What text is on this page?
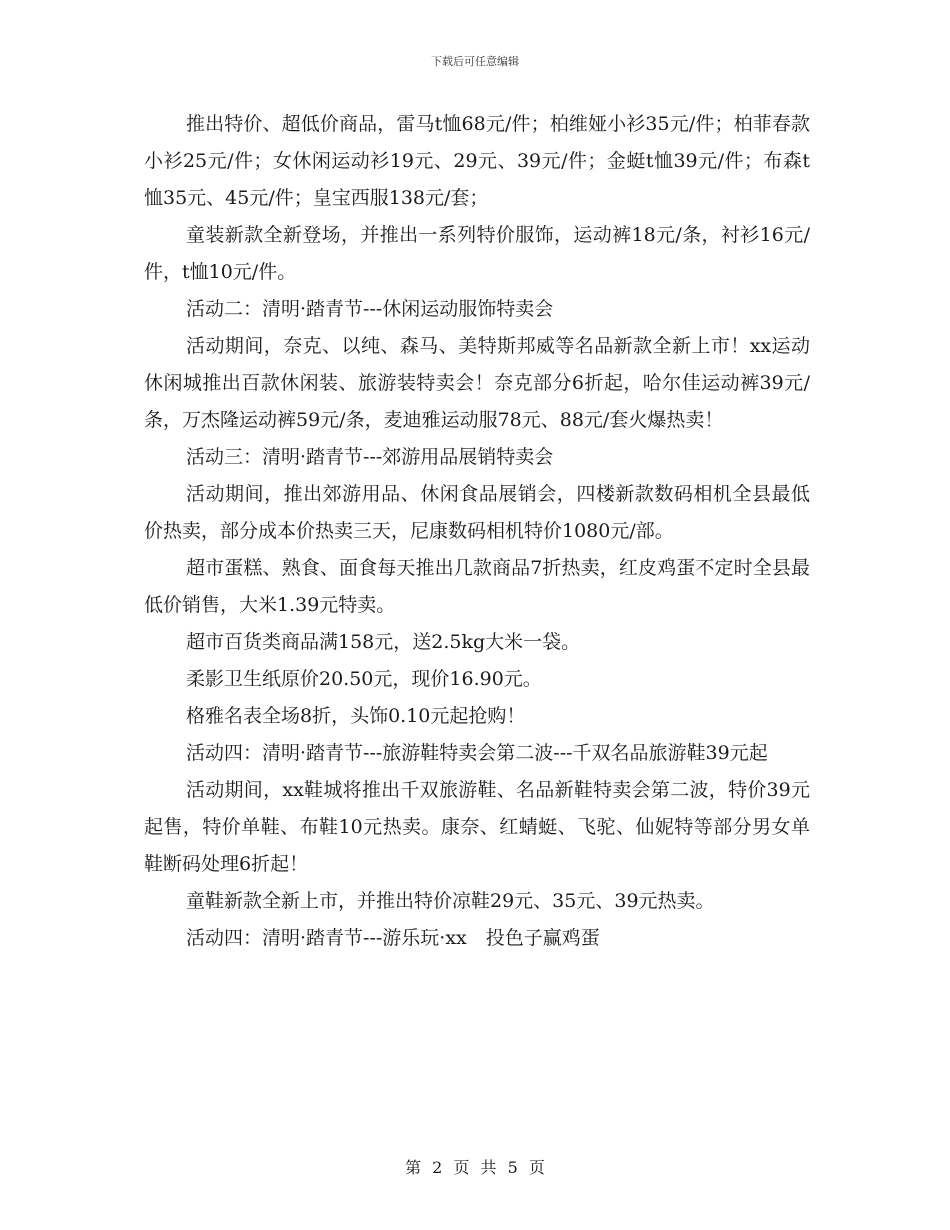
下载后可任意编辑

推出特价、超低价商品，雷马t恤68元/件；柏维娅小衫35元/件；柏菲春款小衫25元/件；女休闲运动衫19元、29元、39元/件；金蜓t恤39元/件；布森t恤35元、45元/件；皇宝西服138元/套；

童装新款全新登场，并推出一系列特价服饰，运动裤18元/条，衬衫16元/件，t恤10元/件。

活动二：清明·踏青节---休闲运动服饰特卖会

活动期间，奈克、以纯、森马、美特斯邦威等名品新款全新上市！xx运动休闲城推出百款休闲装、旅游装特卖会！奈克部分6折起，哈尔佳运动裤39元/条，万杰隆运动裤59元/条，麦迪雅运动服78元、88元/套火爆热卖！

活动三：清明·踏青节---郊游用品展销特卖会

活动期间，推出郊游用品、休闲食品展销会，四楼新款数码相机全县最低价热卖，部分成本价热卖三天，尼康数码相机特价1080元/部。

超市蛋糕、熟食、面食每天推出几款商品7折热卖，红皮鸡蛋不定时全县最低价销售，大米1.39元特卖。

超市百货类商品满158元，送2.5kg大米一袋。

柔影卫生纸原价20.50元，现价16.90元。

格雅名表全场8折，头饰0.10元起抢购！

活动四：清明·踏青节---旅游鞋特卖会第二波---千双名品旅游鞋39元起

活动期间，xx鞋城将推出千双旅游鞋、名品新鞋特卖会第二波，特价39元起售，特价单鞋、布鞋10元热卖。康奈、红蜻蜓、飞驼、仙妮特等部分男女单鞋断码处理6折起！

童鞋新款全新上市，并推出特价凉鞋29元、35元、39元热卖。

活动四：清明·踏青节---游乐玩·xx　投色子赢鸡蛋

第 2 页 共 5 页
